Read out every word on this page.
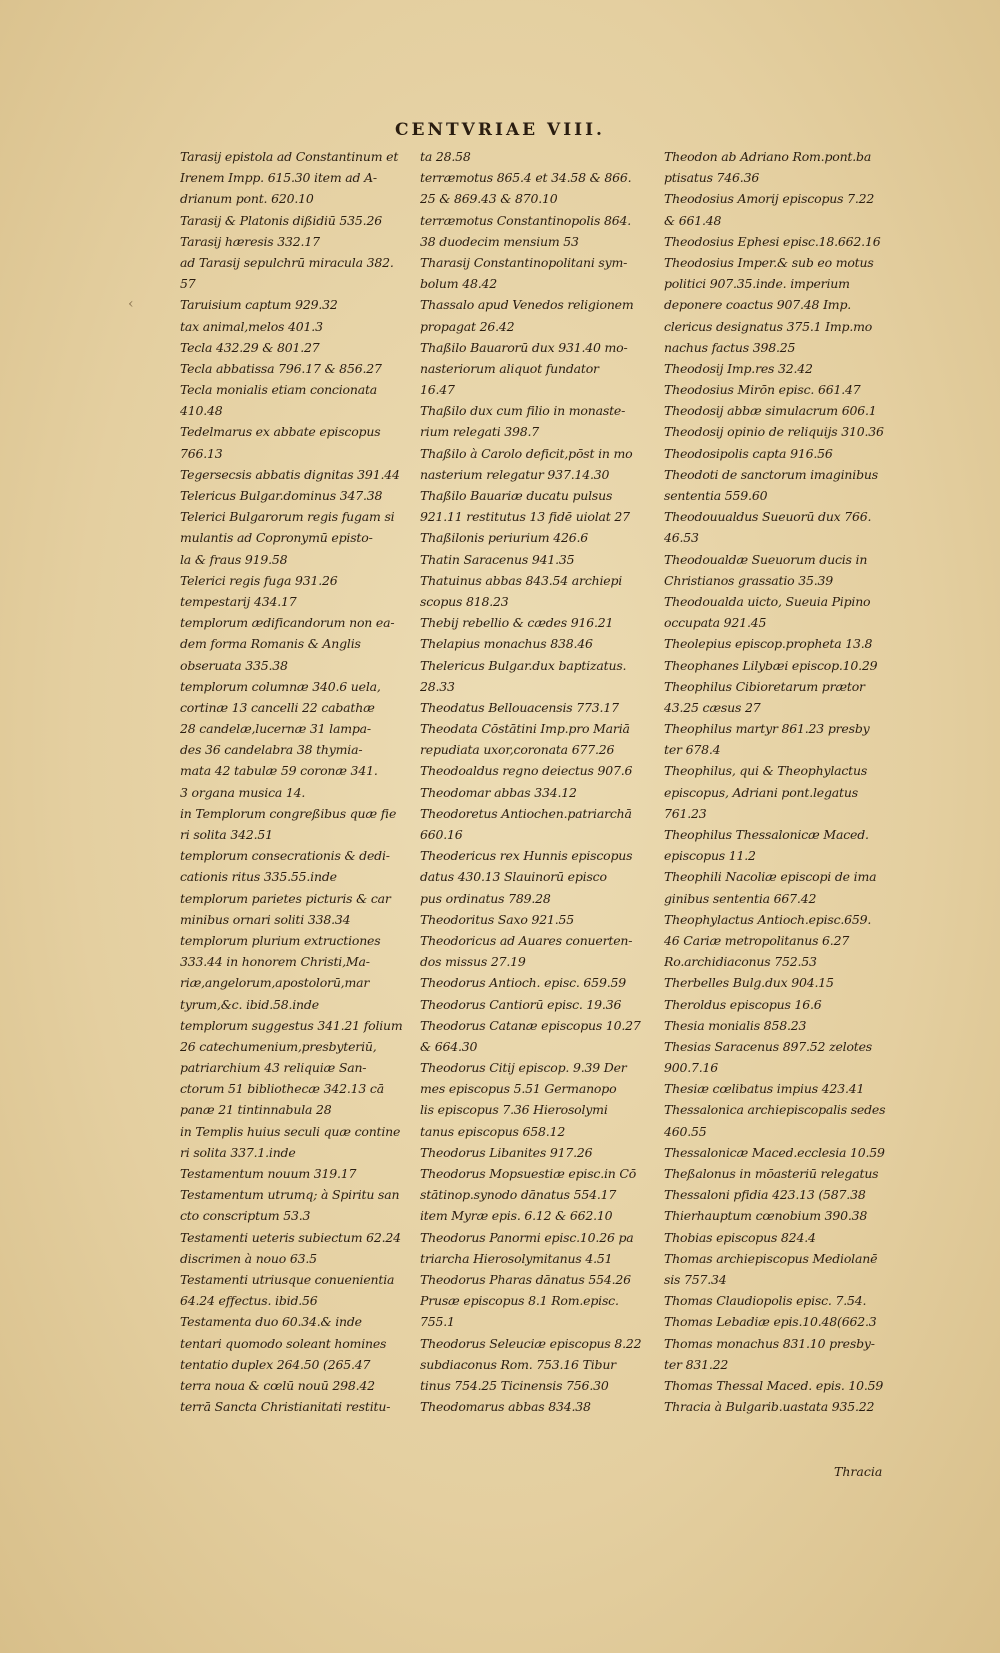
CENTVRIAE VIII.
Tarasij epistola ad Constantinum et
Irenem Impp. 615.30 item ad A-
drianum pont. 620.10
Tarasij & Platonis dißidiū 535.26
Tarasij hæresis 332.17
ad Tarasij sepulchrū miracula 382.
57
Taruisium captum 929.32
tax animal,melos 401.3
Tecla 432.29 & 801.27
Tecla abbatissa 796.17 & 856.27
Tecla monialis etiam concionata
410.48
Tedelmarus ex abbate episcopus
766.13
Tegersecsis abbatis dignitas 391.44
Telericus Bulgar.dominus 347.38
Telerici Bulgarorum regis fugam si
mulantis ad Copronymū episto-
la & fraus 919.58
Telerici regis fuga 931.26
tempestarij 434.17
templorum ædificandorum non ea-
dem forma Romanis & Anglis
obseruata 335.38
templorum columnæ 340.6 uela,
cortinæ 13 cancelli 22 cabathæ
28 candelæ,lucernæ 31 lampa-
des 36 candelabra 38 thymia-
mata 42 tabulæ 59 coronæ 341.
3 organa musica 14.
in Templorum congreßibus quæ fie
ri solita 342.51
templorum consecrationis & dedi-
cationis ritus 335.55.inde
templorum parietes picturis & car
minibus ornari soliti 338.34
templorum plurium extructiones
333.44 in honorem Christi,Ma-
riæ,angelorum,apostolorū,mar
tyrum,&c. ibid.58.inde
templorum suggestus 341.21 folium
26 catechumenium,presbyteriū,
patriarchium 43 reliquiæ San-
ctorum 51 bibliothecæ 342.13 cā
panæ 21 tintinnabula 28
in Templis huius seculi quæ contine
ri solita 337.1.inde
Testamentum nouum 319.17
Testamentum utrumq; à Spiritu san
cto conscriptum 53.3
Testamenti ueteris subiectum 62.24
discrimen à nouo 63.5
Testamenti utriusque conuenientia
64.24 effectus. ibid.56
Testamenta duo 60.34.& inde
tentari quomodo soleant homines
tentatio duplex 264.50 (265.47
terra noua & cœlū nouū 298.42
terrā Sancta Christianitati restitu-
ta 28.58
terræmotus 865.4 et 34.58 & 866.
25 & 869.43 & 870.10
terræmotus Constantinopolis 864.
38 duodecim mensium 53
Tharasij Constantinopolitani sym-
bolum 48.42
Thassalo apud Venedos religionem
propagat 26.42
Thaßilo Bauarorū dux 931.40 mo-
nasteriorum aliquot fundator
16.47
Thaßilo dux cum filio in monaste-
rium relegati 398.7
Thaßilo à Carolo deficit,pōst in mo
nasterium relegatur 937.14.30
Thaßilo Bauariæ ducatu pulsus
921.11 restitutus 13 fidē uiolat 27
Thaßilonis periurium 426.6
Thatin Saracenus 941.35
Thatuinus abbas 843.54 archiepi
scopus 818.23
Thebij rebellio & cædes 916.21
Thelapius monachus 838.46
Thelericus Bulgar.dux baptizatus.
28.33
Theodatus Bellouacensis 773.17
Theodata Cōstātini Imp.pro Mariā
repudiata uxor,coronata 677.26
Theodoaldus regno deiectus 907.6
Theodomar abbas 334.12
Theodoretus Antiochen.patriarchā
660.16
Theodericus rex Hunnis episcopus
datus 430.13 Slauinorū episco
pus ordinatus 789.28
Theodoritus Saxo 921.55
Theodoricus ad Auares conuerten-
dos missus 27.19
Theodorus Antioch. episc. 659.59
Theodorus Cantiorū episc. 19.36
Theodorus Catanæ episcopus 10.27
& 664.30
Theodorus Citij episcop. 9.39 Der
mes episcopus 5.51 Germanopo
lis episcopus 7.36 Hierosolymi
tanus episcopus 658.12
Theodorus Libanites 917.26
Theodorus Mopsuestiæ episc.in Cō
stātinop.synodo dānatus 554.17
item Myræ epis. 6.12 & 662.10
Theodorus Panormi episc.10.26 pa
triarcha Hierosolymitanus 4.51
Theodorus Pharas dānatus 554.26
Prusæ episcopus 8.1 Rom.episc.
755.1
Theodorus Seleuciæ episcopus 8.22
subdiaconus Rom. 753.16 Tibur
tinus 754.25 Ticinensis 756.30
Theodomarus abbas 834.38
Theodon ab Adriano Rom.pont.ba
ptisatus 746.36
Theodosius Amorij episcopus 7.22
& 661.48
Theodosius Ephesi episc.18.662.16
Theodosius Imper.& sub eo motus
politici 907.35.inde. imperium
deponere coactus 907.48 Imp.
clericus designatus 375.1 Imp.mo
nachus factus 398.25
Theodosij Imp.res 32.42
Theodosius Mirōn episc. 661.47
Theodosij abbæ simulacrum 606.1
Theodosij opinio de reliquijs 310.36
Theodosipolis capta 916.56
Theodoti de sanctorum imaginibus
sententia 559.60
Theodouualdus Sueuorū dux 766.
46.53
Theodoualdæ Sueuorum ducis in
Christianos grassatio 35.39
Theodoualda uicto, Sueuia Pipino
occupata 921.45
Theolepius episcop.propheta 13.8
Theophanes Lilybæi episcop.10.29
Theophilus Cibioretarum prætor
43.25 cæsus 27
Theophilus martyr 861.23 presby
ter 678.4
Theophilus, qui & Theophylactus
episcopus, Adriani pont.legatus
761.23
Theophilus Thessalonicæ Maced.
episcopus 11.2
Theophili Nacoliæ episcopi de ima
ginibus sententia 667.42
Theophylactus Antioch.episc.659.
46 Cariæ metropolitanus 6.27
Ro.archidiaconus 752.53
Therbelles Bulg.dux 904.15
Theroldus episcopus 16.6
Thesia monialis 858.23
Thesias Saracenus 897.52 zelotes
900.7.16
Thesiæ cœlibatus impius 423.41
Thessalonica archiepiscopalis sedes
460.55
Thessalonicæ Maced.ecclesia 10.59
Theßalonus in mōasteriū relegatus
Thessaloni pfidia 423.13 (587.38
Thierhauptum cœnobium 390.38
Thobias episcopus 824.4
Thomas archiepiscopus Mediolanē
sis 757.34
Thomas Claudiopolis episc. 7.54.
Thomas Lebadiæ epis.10.48(662.3
Thomas monachus 831.10 presby-
ter 831.22
Thomas Thessal Maced. epis. 10.59
Thracia à Bulgarib.uastata 935.22
Thracia
‹
